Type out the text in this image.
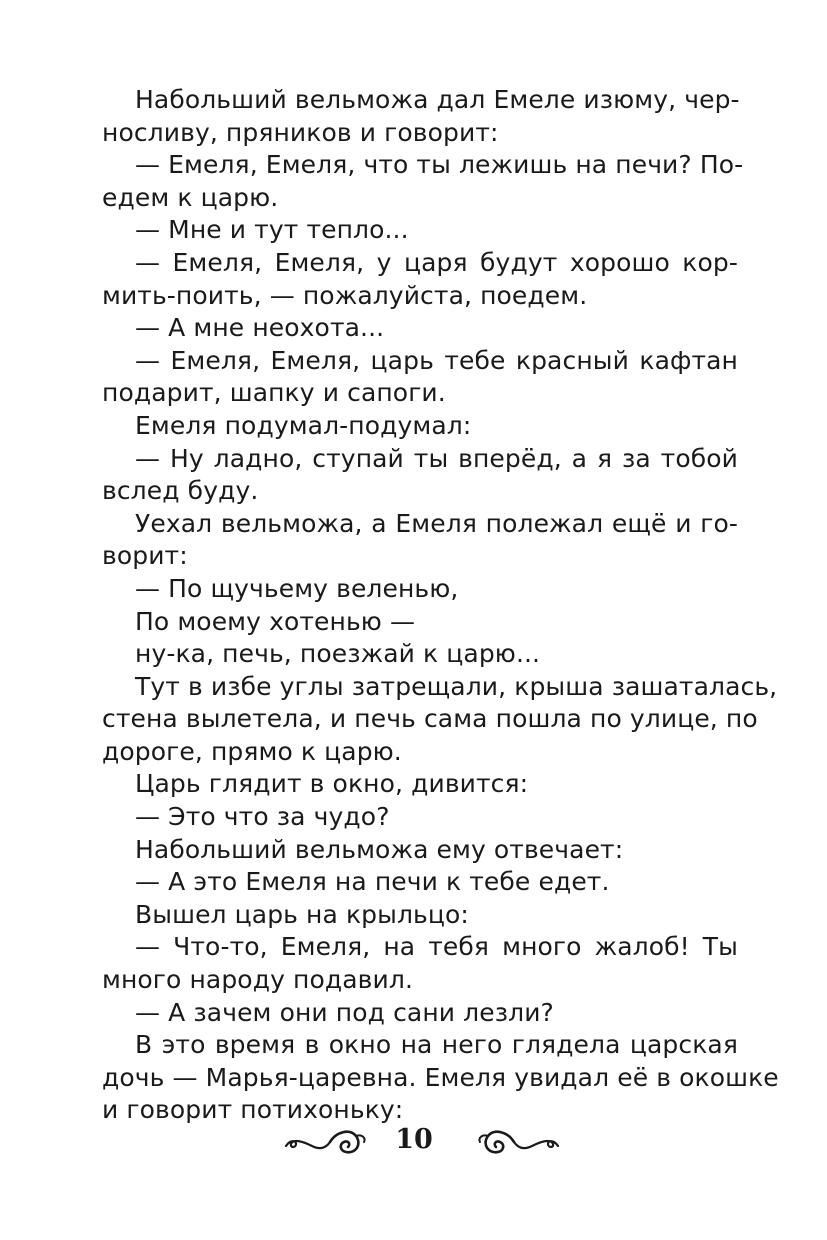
Набольший вельможа дал Емеле изюму, чер-
носливу, пряников и говорит:
— Емеля, Емеля, что ты лежишь на печи? По-
едем к царю.
— Мне и тут тепло...
— Емеля, Емеля, у царя будут хорошо кор-
мить-поить, — пожалуйста, поедем.
— А мне неохота...
— Емеля, Емеля, царь тебе красный кафтан
подарит, шапку и сапоги.
Емеля подумал-подумал:
— Ну ладно, ступай ты вперёд, а я за тобой
вслед буду.
Уехал вельможа, а Емеля полежал ещё и го-
ворит:
— По щучьему веленью,
По моему хотенью —
ну-ка, печь, поезжай к царю...
Тут в избе углы затрещали, крыша зашаталась,
стена вылетела, и печь сама пошла по улице, по
дороге, прямо к царю.
Царь глядит в окно, дивится:
— Это что за чудо?
Набольший вельможа ему отвечает:
— А это Емеля на печи к тебе едет.
Вышел царь на крыльцо:
— Что-то, Емеля, на тебя много жалоб! Ты
много народу подавил.
— А зачем они под сани лезли?
В это время в окно на него глядела царская
дочь — Марья-царевна. Емеля увидал её в окошке
и говорит потихоньку:
10
